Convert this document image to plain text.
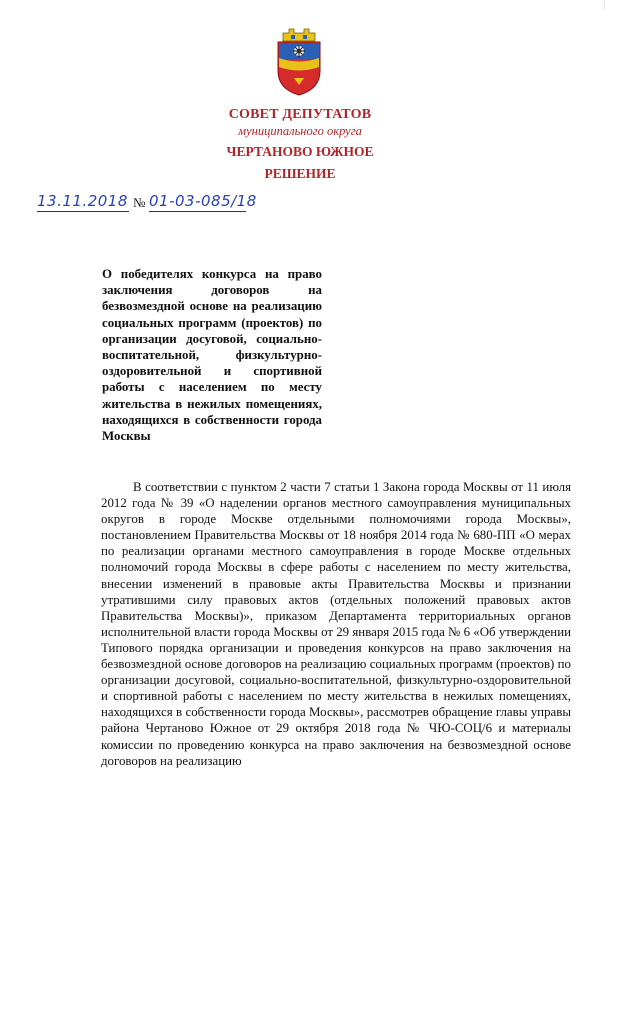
СОВЕТ ДЕПУТАТОВ
муниципального округа
ЧЕРТАНОВО ЮЖНОЕ
РЕШЕНИЕ
13.11.2018 № 01-03-085/18

О победителях конкурса на право заключения договоров на безвозмездной основе на реализацию социальных программ (проектов) по организации досуговой, социально-воспитательной, физкультурно-оздоровительной и спортивной работы с населением по месту жительства в нежилых помещениях, находящихся в собственности города Москвы

В соответствии с пунктом 2 части 7 статьи 1 Закона города Москвы от 11 июля 2012 года № 39 «О наделении органов местного самоуправления муниципальных округов в городе Москве отдельными полномочиями города Москвы», постановлением Правительства Москвы от 18 ноября 2014 года № 680-ПП «О мерах по реализации органами местного самоуправления в городе Москве отдельных полномочий города Москвы в сфере работы с населением по месту жительства, внесении изменений в правовые акты Правительства Москвы и признании утратившими силу правовых актов (отдельных положений правовых актов Правительства Москвы)», приказом Департамента территориальных органов исполнительной власти города Москвы от 29 января 2015 года № 6 «Об утверждении Типового порядка организации и проведения конкурсов на право заключения на безвозмездной основе договоров на реализацию социальных программ (проектов) по организации досуговой, социально-воспитательной, физкультурно-оздоровительной и спортивной работы с населением по месту жительства в нежилых помещениях, находящихся в собственности города Москвы», рассмотрев обращение главы управы района Чертаново Южное от 29 октября 2018 года № ЧЮ-СОЦ/6 и материалы комиссии по проведению конкурса на право заключения на безвозмездной основе договоров на реализацию
